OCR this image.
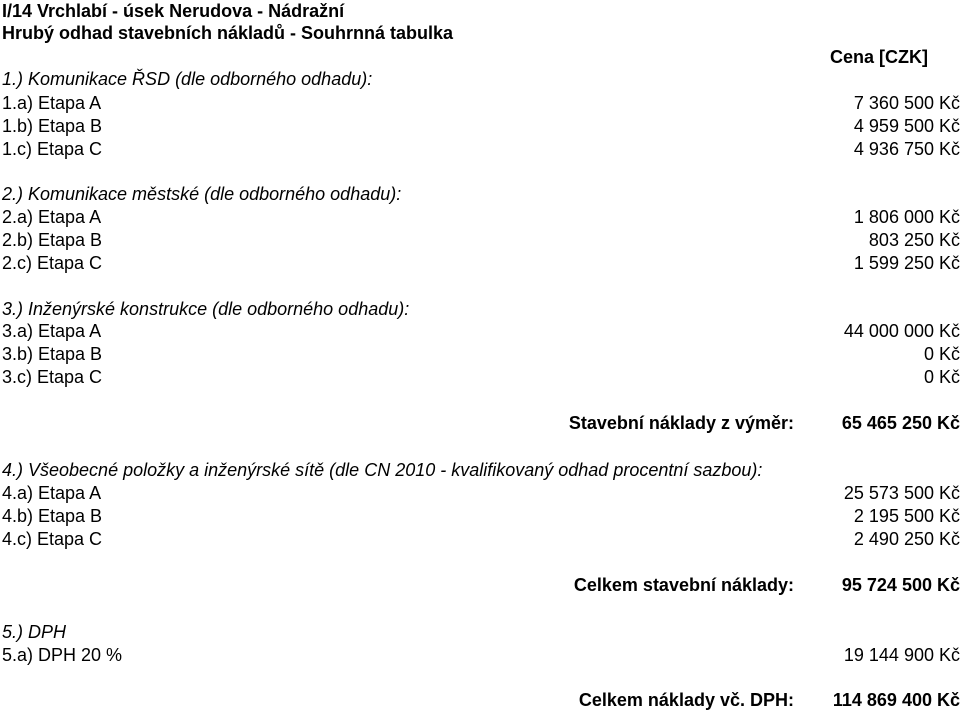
I/14 Vrchlabí - úsek Nerudova - Nádražní
Hrubý odhad stavebních nákladů - Souhrnná tabulka
Cena [CZK]
1.) Komunikace ŘSD (dle odborného odhadu):
1.a) Etapa A	7 360 500 Kč
1.b) Etapa B	4 959 500 Kč
1.c) Etapa C	4 936 750 Kč
2.) Komunikace městské (dle odborného odhadu):
2.a) Etapa A	1 806 000 Kč
2.b) Etapa B	803 250 Kč
2.c) Etapa C	1 599 250 Kč
3.) Inženýrské konstrukce (dle odborného odhadu):
3.a) Etapa A	44 000 000 Kč
3.b) Etapa B	0 Kč
3.c) Etapa C	0 Kč
Stavební náklady z výměr:	65 465 250 Kč
4.) Všeobecné položky a inženýrské sítě (dle CN 2010 - kvalifikovaný odhad procentní sazbou):
4.a) Etapa A	25 573 500 Kč
4.b) Etapa B	2 195 500 Kč
4.c) Etapa C	2 490 250 Kč
Celkem stavební náklady:	95 724 500 Kč
5.) DPH
5.a) DPH 20 %	19 144 900 Kč
Celkem náklady vč. DPH: 114 869 400 Kč
